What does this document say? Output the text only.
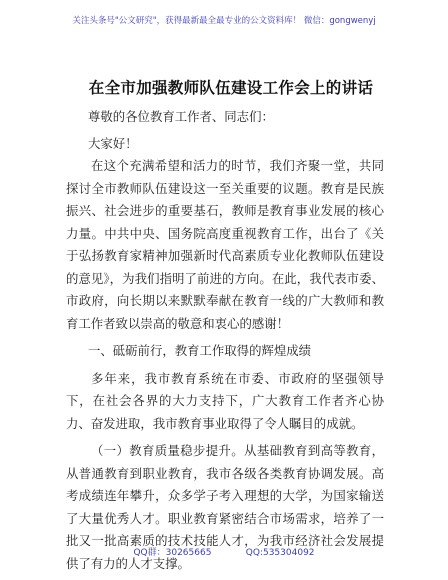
关注头条号"公文研究"，获得最新最全最专业的公文资料库！ 微信：gongwenyj
在全市加强教师队伍建设工作会上的讲话

尊敬的各位教育工作者、同志们：

大家好！

在这个充满希望和活力的时节，我们齐聚一堂，共同探讨全市教师队伍建设这一至关重要的议题。教育是民族振兴、社会进步的重要基石，教师是教育事业发展的核心力量。中共中央、国务院高度重视教育工作，出台了《关于弘扬教育家精神加强新时代高素质专业化教师队伍建设的意见》，为我们指明了前进的方向。在此，我代表市委、市政府，向长期以来默默奉献在教育一线的广大教师和教育工作者致以崇高的敬意和衷心的感谢！

一、砥砺前行，教育工作取得的辉煌成绩

多年来，我市教育系统在市委、市政府的坚强领导下，在社会各界的大力支持下，广大教育工作者齐心协力、奋发进取，我市教育事业取得了令人瞩目的成就。

（一）教育质量稳步提升。从基础教育到高等教育，从普通教育到职业教育，我市各级各类教育协调发展。高考成绩连年攀升，众多学子考入理想的大学，为国家输送了大量优秀人才。职业教育紧密结合市场需求，培养了一批又一批高素质的技术技能人才，为我市经济社会发展提供了有力的人才支撑。

QQ群：30265665	QQ:535304092
